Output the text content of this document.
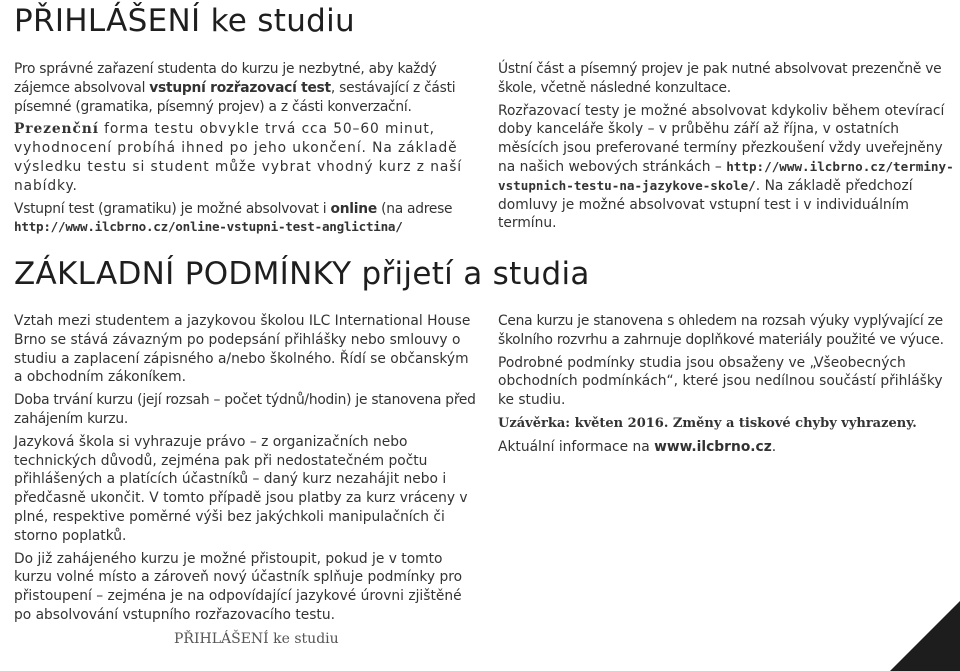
PŘIHLÁŠENÍ ke studiu

Pro správné zařazení studenta do kurzu je nezbytné, aby každý zájemce absolvoval vstupní rozřazovací test, sestávající z části písemné (gramatika, písemný projev) a z části konverzační.

Prezenční forma testu obvykle trvá cca 50–60 minut, vyhodnocení probíhá ihned po jeho ukončení. Na základě výsledku testu si student může vybrat vhodný kurz z naší nabídky.

Vstupní test (gramatiku) je možné absolvovat i online (na adrese http://www.ilcbrno.cz/online-vstupni-test-anglictina/

Ústní část a písemný projev je pak nutné absolvovat prezenčně ve škole, včetně následné konzultace.

Rozřazovací testy je možné absolvovat kdykoliv během otevírací doby kanceláře školy – v průběhu září až října, v ostatních měsících jsou preferované termíny přezkoušení vždy uveřejněny na našich webových stránkách – http://www.ilcbrno.cz/terminy-vstupnich-testu-na-jazykove-skole/. Na základě předchozí domluvy je možné absolvovat vstupní test i v individuálním termínu.

ZÁKLADNÍ PODMÍNKY přijetí a studia

Vztah mezi studentem a jazykovou školou ILC International House Brno se stává závazným po podepsání přihlášky nebo smlouvy o studiu a zaplacení zápisného a/nebo školného. Řídí se občanským a obchodním zákoníkem.

Doba trvání kurzu (její rozsah – počet týdnů/hodin) je stanovena před zahájením kurzu.

Jazyková škola si vyhrazuje právo – z organizačních nebo technických důvodů, zejména pak při nedostatečném počtu přihlášených a platících účastníků – daný kurz nezahájit nebo i předčasně ukončit. V tomto případě jsou platby za kurz vráceny v plné, respektive poměrné výši bez jakýchkoli manipulačních či storno poplatků.

Do již zahájeného kurzu je možné přistoupit, pokud je v tomto kurzu volné místo a zároveň nový účastník splňuje podmínky pro přistoupení – zejména je na odpovídající jazykové úrovni zjištěné po absolvování vstupního rozřazovacího testu.

Cena kurzu je stanovena s ohledem na rozsah výuky vyplývající ze školního rozvrhu a zahrnuje doplňkové materiály použité ve výuce.

Podrobné podmínky studia jsou obsaženy ve „Všeobecných obchodních podmínkách“, které jsou nedílnou součástí přihlášky ke studiu.

Uzávěrka: květen 2016. Změny a tiskové chyby vyhrazeny.

Aktuální informace na www.ilcbrno.cz.

PŘIHLÁŠENÍ ke studiu	05
